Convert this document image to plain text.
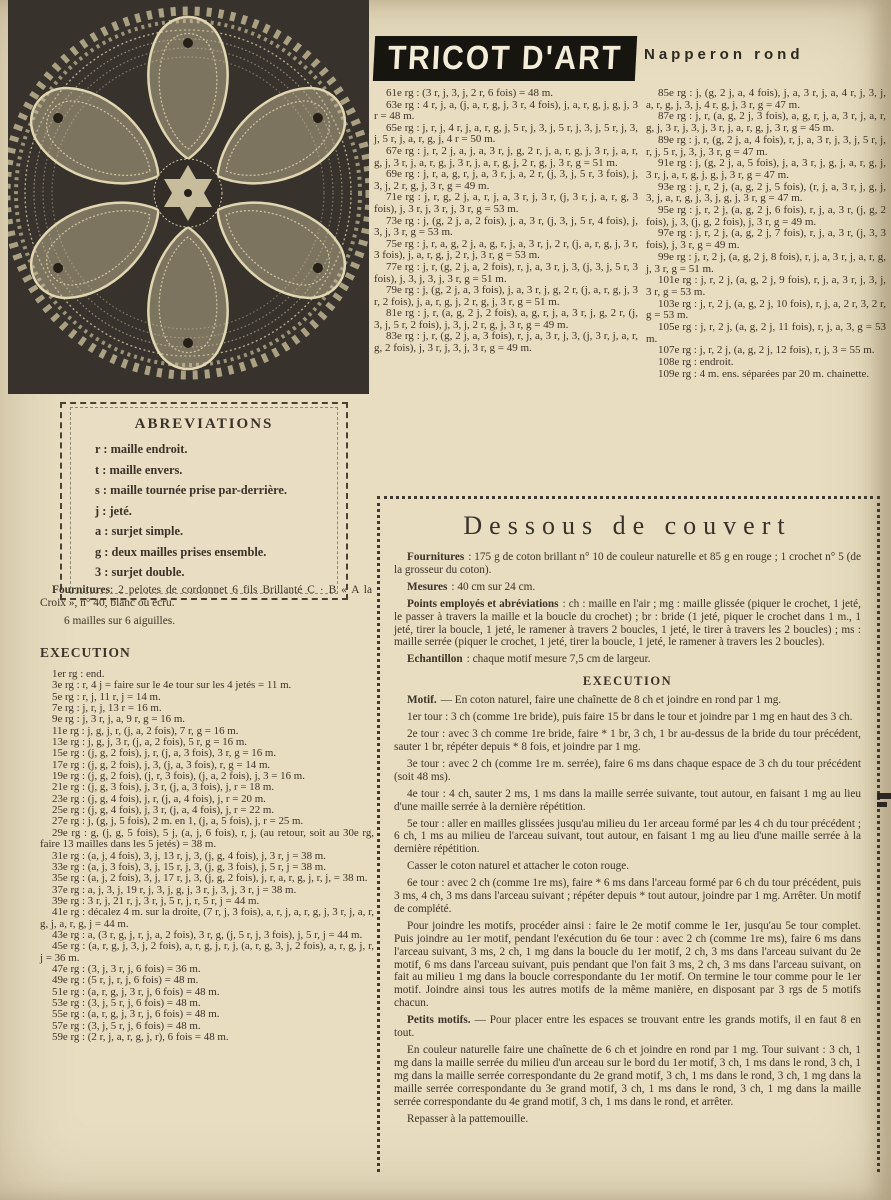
TRICOT D'ART Napperon rond

61e rg : (3 r, j, 3, j, 2 r, 6 fois) = 48 m.

63e rg : 4 r, j, a, (j, a, r, g, j, 3 r, 4 fois), j, a, r, g, j, g, j, 3 r = 48 m.

65e rg : j, r, j, 4 r, j, a, r, g, j, 5 r, j, 3, j, 5 r, j, 3, j, 5 r, j, 3, j, 5 r, j, a, r, g, j, 4 r = 50 m.

67e rg : j, r, 2 j, a, j, a, 3 r, j, g, 2 r, j, a, r, g, j, 3 r, j, a, r, g, j, 3 r, j, a, r, g, j, 3 r, j, a, r, g, j, 2 r, g, j, 3 r, g = 51 m.

69e rg : j, r, a, g, r, j, a, 3 r, j, a, 2 r, (j, 3, j, 5 r, 3 fois), j, 3, j, 2 r, g, j, 3 r, g = 49 m.

71e rg : j, r, g, 2 j, a, r, j, a, 3 r, j, 3 r, (j, 3 r, j, a, r, g, 3 fois), j, 3 r, j, 3 r, j, 3 r, g = 53 m.

73e rg : j, (g, 2 j, a, 2 fois), j, a, 3 r, (j, 3, j, 5 r, 4 fois), j, 3, j, 3 r, g = 53 m.

75e rg : j, r, a, g, 2 j, a, g, r, j, a, 3 r, j, 2 r, (j, a, r, g, j, 3 r, 3 fois), j, a, r, g, j, 2 r, j, 3 r, g = 53 m.

77e rg : j, r, (g, 2 j, a, 2 fois), r, j, a, 3 r, j, 3, (j, 3, j, 5 r, 3 fois), j, 3, j, 3, j, 3 r, g = 51 m.

79e rg : j, (g, 2 j, a, 3 fois), j, a, 3 r, j, g, 2 r, (j, a, r, g, j, 3 r, 2 fois), j, a, r, g, j, 2 r, g, j, 3 r, g = 51 m.

81e rg : j, r, (a, g, 2 j, 2 fois), a, g, r, j, a, 3 r, j, g, 2 r, (j, 3, j, 5 r, 2 fois), j, 3, j, 2 r, g, j, 3 r, g = 49 m.

83e rg : j, r, (g, 2 j, a, 3 fois), r, j, a, 3 r, j, 3, (j, 3 r, j, a, r, g, 2 fois), j, 3 r, j, 3, j, 3 r, g = 49 m.

85e rg : j, (g, 2 j, a, 4 fois), j, a, 3 r, j, a, 4 r, j, 3, j, a, r, g, j, 3, j, 4 r, g, j, 3 r, g = 47 m.

87e rg : j, r, (a, g, 2 j, 3 fois), a, g, r, j, a, 3 r, j, a, r, g, j, 3 r, j, 3, j, 3 r, j, a, r, g, j, 3 r, g = 45 m.

89e rg : j, r, (g, 2 j, a, 4 fois), r, j, a, 3 r, j, 3, j, 5 r, j, r, j, 5 r, j, 3, j, 3 r, g = 47 m.

91e rg : j, (g, 2 j, a, 5 fois), j, a, 3 r, j, g, j, a, r, g, j, 3 r, j, a, r, g, j, g, j, 3 r, g = 47 m.

93e rg : j, r, 2 j, (a, g, 2 j, 5 fois), (r, j, a, 3 r, j, g, j, 3, j, a, r, g, j, 3, j, g, j, 3 r, g = 47 m.

95e rg : j, r, 2 j, (a, g, 2 j, 6 fois), r, j, a, 3 r, (j, g, 2 fois), j, 3, (j, g, 2 fois), j, 3 r, g = 49 m.

97e rg : j, r, 2 j, (a, g, 2 j, 7 fois), r, j, a, 3 r, (j, 3, 3 fois), j, 3 r, g = 49 m.

99e rg : j, r, 2 j, (a, g, 2 j, 8 fois), r, j, a, 3 r, j, a, r, g, j, 3 r, g = 51 m.

101e rg : j, r, 2 j, (a, g, 2 j, 9 fois), r, j, a, 3 r, j, 3, j, 3 r, g = 53 m.

103e rg : j, r, 2 j, (a, g, 2 j, 10 fois), r, j, a, 2 r, 3, 2 r, g = 53 m.

105e rg : j, r, 2 j, (a, g, 2 j, 11 fois), r, j, a, 3, g = 53 m.

107e rg : j, r, 2 j, (a, g, 2 j, 12 fois), r, j, 3 = 55 m.

108e rg : endroit.

109e rg : 4 m. ens. séparées par 20 m. chainette.

ABREVIATIONS

r : maille endroit.

t : maille envers.

s : maille tournée prise par-derrière.

j : jeté.

a : surjet simple.

g : deux mailles prises ensemble.

3 : surjet double.

Fournitures: 2 pelotes de cordonnet 6 fils Brillanté C · B « A la Croix », n° 40, blanc ou écru.

6 mailles sur 6 aiguilles.

EXECUTION

1er rg : end.

3e rg : r, 4 j = faire sur le 4e tour sur les 4 jetés = 11 m.

5e rg : r, j, 11 r, j = 14 m.

7e rg : j, r, j, 13 r = 16 m.

9e rg : j, 3 r, j, a, 9 r, g = 16 m.

11e rg : j, g, j, r, (j, a, 2 fois), 7 r, g = 16 m.

13e rg : j, g, j, 3 r, (j, a, 2 fois), 5 r, g = 16 m.

15e rg : (j, g, 2 fois), j, r, (j, a, 3 fois), 3 r, g = 16 m.

17e rg : (j, g, 2 fois), j, 3, (j, a, 3 fois), r, g = 14 m.

19e rg : (j, g, 2 fois), (j, r, 3 fois), (j, a, 2 fois), j, 3 = 16 m.

21e rg : (j, g, 3 fois), j, 3 r, (j, a, 3 fois), j, r = 18 m.

23e rg : (j, g, 4 fois), j, r, (j, a, 4 fois), j, r = 20 m.

25e rg : (j, g, 4 fois), j, 3 r, (j, a, 4 fois), j, r = 22 m.

27e rg : j, (g, j, 5 fois), 2 m. en 1, (j, a, 5 fois), j, r = 25 m.

29e rg : g, (j, g, 5 fois), 5 j, (a, j, 6 fois), r, j, (au retour, soit au 30e rg, faire 13 mailles dans les 5 jetés) = 38 m.

31e rg : (a, j, 4 fois), 3, j, 13 r, j, 3, (j, g, 4 fois), j, 3 r, j = 38 m.

33e rg : (a, j, 3 fois), 3, j, 15 r, j, 3, (j, g, 3 fois), j, 5 r, j = 38 m.

35e rg : (a, j, 2 fois), 3, j, 17 r, j, 3, (j, g, 2 fois), j, r, a, r, g, j, r, j, = 38 m.

37e rg : a, j, 3, j, 19 r, j, 3, j, g, j, 3 r, j, 3, j, 3 r, j = 38 m.

39e rg : 3 r, j, 21 r, j, 3 r, j, 5 r, j, r, 5 r, j = 44 m.

41e rg : décalez 4 m. sur la droite, (7 r, j, 3 fois), a, r, j, a, r, g, j, 3 r, j, a, r, g, j, a, r, g, j = 44 m.

43e rg : a, (3 r, g, j, r, j, a, 2 fois), 3 r, g, (j, 5 r, j, 3 fois), j, 5 r, j = 44 m.

45e rg : (a, r, g, j, 3, j, 2 fois), a, r, g, j, r, j, (a, r, g, 3, j, 2 fois), a, r, g, j, r, j = 36 m.

47e rg : (3, j, 3 r, j, 6 fois) = 36 m.

49e rg : (5 r, j, r, j, 6 fois) = 48 m.

51e rg : (a, r, g, j, 3 r, j, 6 fois) = 48 m.

53e rg : (3, j, 5 r, j, 6 fois) = 48 m.

55e rg : (a, r, g, j, 3 r, j, 6 fois) = 48 m.

57e rg : (3, j, 5 r, j, 6 fois) = 48 m.

59e rg : (2 r, j, a, r, g, j, r), 6 fois = 48 m.

Dessous de couvert

Fournitures : 175 g de coton brillant n° 10 de couleur naturelle et 85 g en rouge ; 1 crochet n° 5 (de la grosseur du coton).

Mesures : 40 cm sur 24 cm.

Points employés et abréviations : ch : maille en l'air ; mg : maille glissée (piquer le crochet, 1 jeté, le passer à travers la maille et la boucle du crochet) ; br : bride (1 jeté, piquer le crochet dans 1 m., 1 jeté, tirer la boucle, 1 jeté, le ramener à travers 2 boucles, 1 jeté, le tirer à travers les 2 boucles) ; ms : maille serrée (piquer le crochet, 1 jeté, tirer la boucle, 1 jeté, le ramener à travers les 2 boucles).

Echantillon : chaque motif mesure 7,5 cm de largeur.

EXECUTION

Motif. — En coton naturel, faire une chaînette de 8 ch et joindre en rond par 1 mg.

1er tour : 3 ch (comme 1re bride), puis faire 15 br dans le tour et joindre par 1 mg en haut des 3 ch.

2e tour : avec 3 ch comme 1re bride, faire * 1 br, 3 ch, 1 br au-dessus de la bride du tour précédent, sauter 1 br, répéter depuis * 8 fois, et joindre par 1 mg.

3e tour : avec 2 ch (comme 1re m. serrée), faire 6 ms dans chaque espace de 3 ch du tour précédent (soit 48 ms).

4e tour : 4 ch, sauter 2 ms, 1 ms dans la maille serrée suivante, tout autour, en faisant 1 mg au lieu d'une maille serrée à la dernière répétition.

5e tour : aller en mailles glissées jusqu'au milieu du 1er arceau formé par les 4 ch du tour précédent ; 6 ch, 1 ms au milieu de l'arceau suivant, tout autour, en faisant 1 mg au lieu d'une maille serrée à la dernière répétition.

Casser le coton naturel et attacher le coton rouge.

6e tour : avec 2 ch (comme 1re ms), faire * 6 ms dans l'arceau formé par 6 ch du tour précédent, puis 3 ms, 4 ch, 3 ms dans l'arceau suivant ; répéter depuis * tout autour, joindre par 1 mg. Arrêter. Un motif de complété.

Pour joindre les motifs, procéder ainsi : faire le 2e motif comme le 1er, jusqu'au 5e tour complet. Puis joindre au 1er motif, pendant l'exécution du 6e tour : avec 2 ch (comme 1re ms), faire 6 ms dans l'arceau suivant, 3 ms, 2 ch, 1 mg dans la boucle du 1er motif, 2 ch, 3 ms dans l'arceau suivant du 2e motif, 6 ms dans l'arceau suivant, puis pendant que l'on fait 3 ms, 2 ch, 3 ms dans l'arceau suivant, on fait au milieu 1 mg dans la boucle correspondante du 1er motif. On termine le tour comme pour le 1er motif. Joindre ainsi tous les autres motifs de la même manière, en disposant par 3 rgs de 5 motifs chacun.

Petits motifs. — Pour placer entre les espaces se trouvant entre les grands motifs, il en faut 8 en tout.

En couleur naturelle faire une chaînette de 6 ch et joindre en rond par 1 mg. Tour suivant : 3 ch, 1 mg dans la maille serrée du milieu d'un arceau sur le bord du 1er motif, 3 ch, 1 ms dans le rond, 3 ch, 1 mg dans la maille serrée correspondante du 2e grand motif, 3 ch, 1 ms dans le rond, 3 ch, 1 mg dans la maille serrée correspondante du 3e grand motif, 3 ch, 1 ms dans le rond, 3 ch, 1 mg dans la maille serrée correspondante du 4e grand motif, 3 ch, 1 ms dans le rond, et arrêter.

Repasser à la pattemouille.
